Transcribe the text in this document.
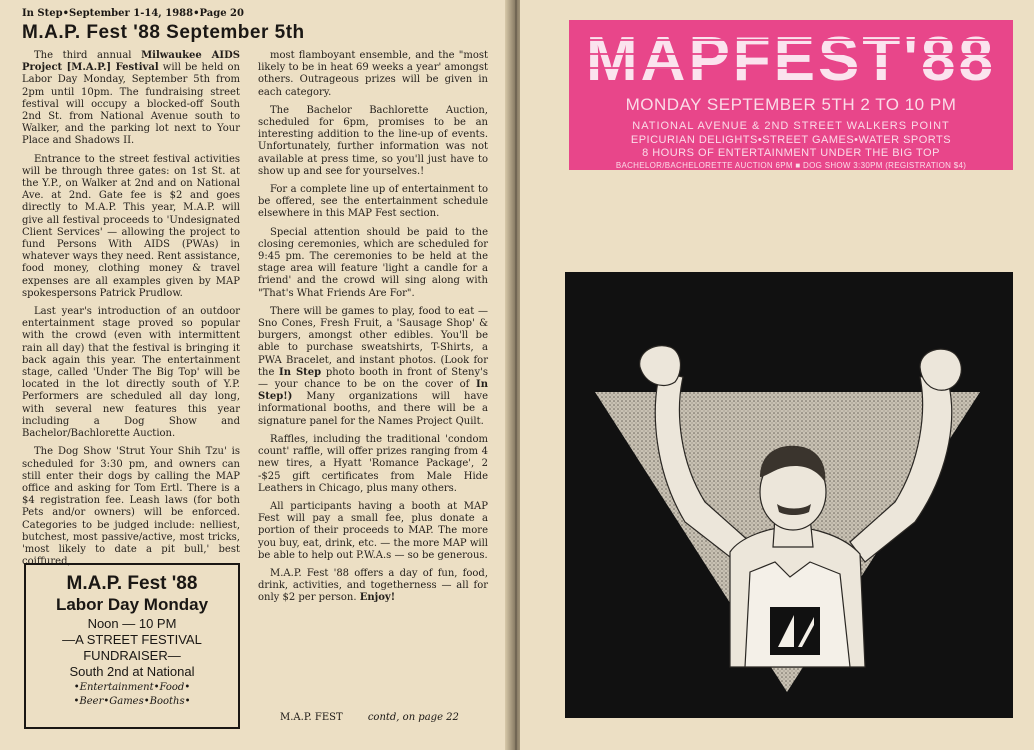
In Step•September 1-14, 1988•Page 20
M.A.P. Fest '88 September 5th

The third annual Milwaukee AIDS Project [M.A.P.] Festival will be held on Labor Day Monday, September 5th from 2pm until 10pm. The fundraising street festival will occupy a blocked-off South 2nd St. from National Avenue south to Walker, and the parking lot next to Your Place and Shadows II.

Entrance to the street festival activities will be through three gates: on 1st St. at the Y.P., on Walker at 2nd and on National Ave. at 2nd. Gate fee is $2 and goes directly to M.A.P. This year, M.A.P. will give all festival proceeds to 'Undesignated Client Services' — allowing the project to fund Persons With AIDS (PWAs) in whatever ways they need. Rent assistance, food money, clothing money & travel expenses are all examples given by MAP spokespersons Patrick Prudlow.

Last year's introduction of an outdoor entertainment stage proved so popular with the crowd (even with intermittent rain all day) that the festival is bringing it back again this year. The entertainment stage, called 'Under The Big Top' will be located in the lot directly south of Y.P. Performers are scheduled all day long, with several new features this year including a Dog Show and Bachelor/Bachlorette Auction.

The Dog Show 'Strut Your Shih Tzu' is scheduled for 3:30 pm, and owners can still enter their dogs by calling the MAP office and asking for Tom Ertl. There is a $4 registration fee. Leash laws (for both Pets and/or owners) will be enforced. Categories to be judged include: nelliest, butchest, most passive/active, most tricks, 'most likely to date a pit bull,' best coiffured,

most flamboyant ensemble, and the "most likely to be in heat 69 weeks a year' amongst others. Outrageous prizes will be given in each category.

The Bachelor Bachlorette Auction, scheduled for 6pm, promises to be an interesting addition to the line-up of events. Unfortunately, further information was not available at press time, so you'll just have to show up and see for yourselves.!

For a complete line up of entertainment to be offered, see the entertainment schedule elsewhere in this MAP Fest section.

Special attention should be paid to the closing ceremonies, which are scheduled for 9:45 pm. The ceremonies to be held at the stage area will feature 'light a candle for a friend' and the crowd will sing along with "That's What Friends Are For".

There will be games to play, food to eat — Sno Cones, Fresh Fruit, a 'Sausage Shop' & burgers, amongst other edibles. You'll be able to purchase sweatshirts, T-Shirts, a PWA Bracelet, and instant photos. (Look for the In Step photo booth in front of Steny's — your chance to be on the cover of In Step!) Many organizations will have informational booths, and there will be a signature panel for the Names Project Quilt.

Raffles, including the traditional 'condom count' raffle, will offer prizes ranging from 4 new tires, a Hyatt 'Romance Package', 2 -$25 gift certificates from Male Hide Leathers in Chicago, plus many others.

All participants having a booth at MAP Fest will pay a small fee, plus donate a portion of their proceeds to MAP. The more you buy, eat, drink, etc. — the more MAP will be able to help out P.W.A.s — so be generous.

M.A.P. Fest '88 offers a day of fun, food, drink, activities, and togetherness — all for only $2 per person. Enjoy!

M.A.P. Fest '88
Labor Day Monday
Noon — 10 PM
—A STREET FESTIVAL
FUNDRAISER—
South 2nd at National
•Entertainment•Food•
•Beer•Games•Booths•
M.A.P. FEST	contd, on page 22
MAPFEST'88
MONDAY SEPTEMBER 5TH 2 TO 10 PM
NATIONAL AVENUE & 2ND STREET WALKERS POINT
EPICURIAN DELIGHTS•STREET GAMES•WATER SPORTS
8 HOURS OF ENTERTAINMENT UNDER THE BIG TOP
BACHELOR/BACHELORETTE AUCTION 6PM ■ DOG SHOW 3:30PM (REGISTRATION $4)
